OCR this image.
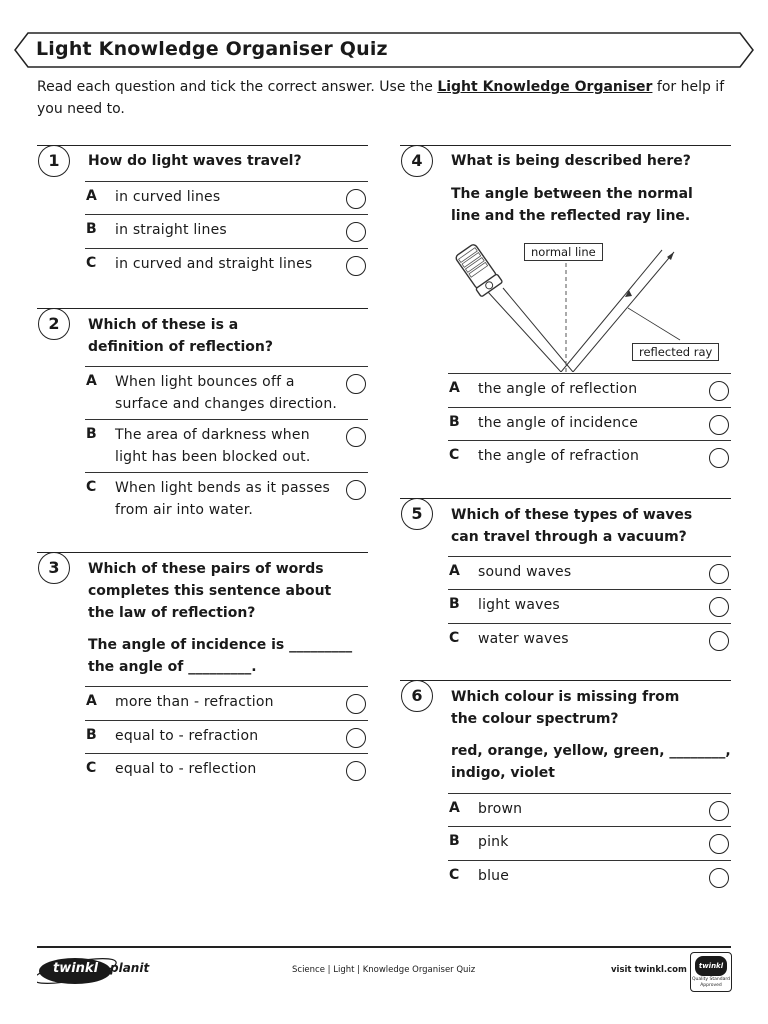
Light Knowledge Organiser Quiz
Read each question and tick the correct answer. Use the Light Knowledge Organiser for help if you need to.
1	How do light waves travel?
A in curved lines
B in straight lines
C in curved and straight lines
2	Which of these is a
definition of reflection?
A When light bounces off a
surface and changes direction.
B The area of darkness when
light has been blocked out.
C When light bends as it passes
from air into water.
3	Which of these pairs of words
completes this sentence about
the law of reflection?
The angle of incidence is _________
the angle of _________.
A more than - refraction
B equal to - refraction
C equal to - reflection
4	What is being described here?
The angle between the normal
line and the reflected ray line.
normal line
reflected ray
A the angle of reflection
B the angle of incidence
C the angle of refraction
5	Which of these types of waves
can travel through a vacuum?
A sound waves
B light waves
C water waves
6	Which colour is missing from
the colour spectrum?
red, orange, yellow, green, ________,
indigo, violet
A brown
B pink
C blue
twinkl planit	Science | Light | Knowledge Organiser Quiz	visit twinkl.com	twinkl
Quality Standard Approved
